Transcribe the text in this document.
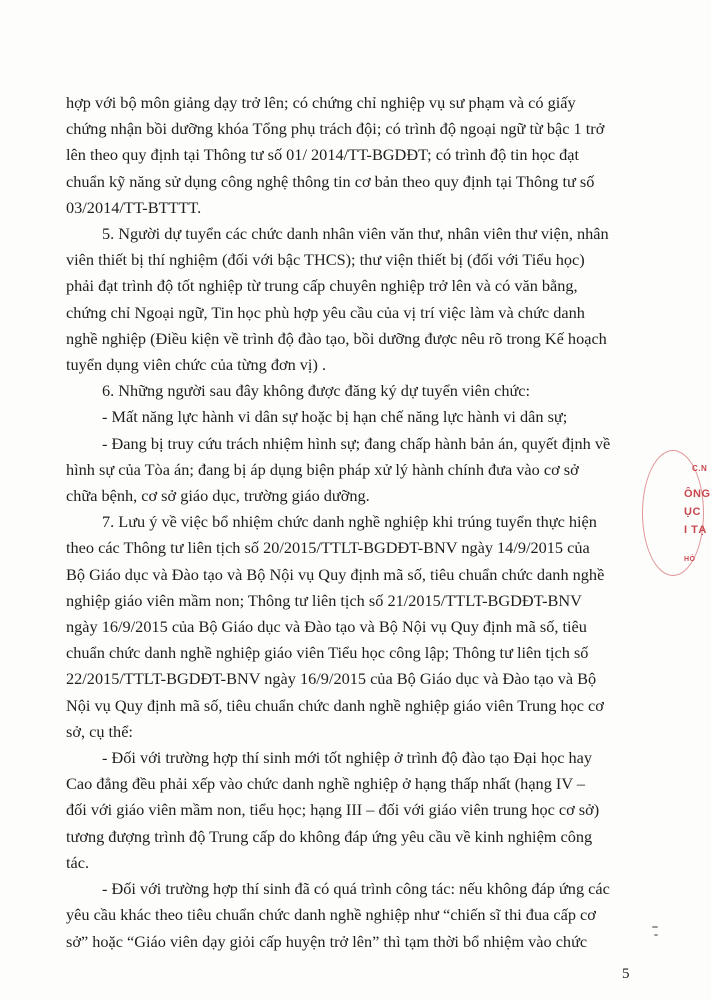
hợp với bộ môn giảng dạy trở lên; có chứng chỉ nghiệp vụ sư phạm và có giấy

chứng nhận bồi dưỡng khóa Tổng phụ trách đội; có trình độ ngoại ngữ từ bậc 1 trở

lên theo quy định tại Thông tư số 01/ 2014/TT-BGDĐT; có trình độ tin học đạt

chuẩn kỹ năng sử dụng công nghệ thông tin cơ bản theo quy định tại Thông tư số

03/2014/TT-BTTTT.

5. Người dự tuyển các chức danh nhân viên văn thư, nhân viên thư viện, nhân

viên thiết bị thí nghiệm (đối với bậc THCS); thư viện thiết bị (đối với Tiểu học)

phải đạt trình độ tốt nghiệp từ trung cấp chuyên nghiệp trở lên và có văn bằng,

chứng chỉ Ngoại ngữ, Tin học phù hợp yêu cầu của vị trí việc làm và chức danh

nghề nghiệp (Điều kiện về trình độ đào tạo, bồi dưỡng được nêu rõ trong Kế hoạch

tuyển dụng viên chức của từng đơn vị) .

6. Những người sau đây không được đăng ký dự tuyển viên chức:

- Mất năng lực hành vi dân sự hoặc bị hạn chế năng lực hành vi dân sự;

- Đang bị truy cứu trách nhiệm hình sự; đang chấp hành bản án, quyết định về

hình sự của Tòa án; đang bị áp dụng biện pháp xử lý hành chính đưa vào cơ sở

chữa bệnh, cơ sở giáo dục, trường giáo dưỡng.

7. Lưu ý về việc bổ nhiệm chức danh nghề nghiệp khi trúng tuyển thực hiện

theo các Thông tư liên tịch số 20/2015/TTLT-BGDĐT-BNV ngày 14/9/2015 của

Bộ Giáo dục và Đào tạo và Bộ Nội vụ Quy định mã số, tiêu chuẩn chức danh nghề

nghiệp giáo viên mầm non; Thông tư liên tịch số 21/2015/TTLT-BGDĐT-BNV

ngày 16/9/2015 của Bộ Giáo dục và Đào tạo và Bộ Nội vụ Quy định mã số, tiêu

chuẩn chức danh nghề nghiệp giáo viên Tiểu học công lập; Thông tư liên tịch số

22/2015/TTLT-BGDĐT-BNV ngày 16/9/2015 của Bộ Giáo dục và Đào tạo và Bộ

Nội vụ Quy định mã số, tiêu chuẩn chức danh nghề nghiệp giáo viên Trung học cơ

sở, cụ thể:

- Đối với trường hợp thí sinh mới tốt nghiệp ở trình độ đào tạo Đại học hay

Cao đẳng đều phải xếp vào chức danh nghề nghiệp ở hạng thấp nhất (hạng IV –

đối với giáo viên mầm non, tiểu học; hạng III – đối với giáo viên trung học cơ sở)

tương đượng trình độ Trung cấp do không đáp ứng yêu cầu về kinh nghiệm công

tác.

- Đối với trường hợp thí sinh đã có quá trình công tác: nếu không đáp ứng các

yêu cầu khác theo tiêu chuẩn chức danh nghề nghiệp như “chiến sĩ thi đua cấp cơ

sở” hoặc “Giáo viên dạy giỏi cấp huyện trở lên” thì tạm thời bổ nhiệm vào chức

C.N
ÔNG
ỤC
I TẠ
HÒ
5
